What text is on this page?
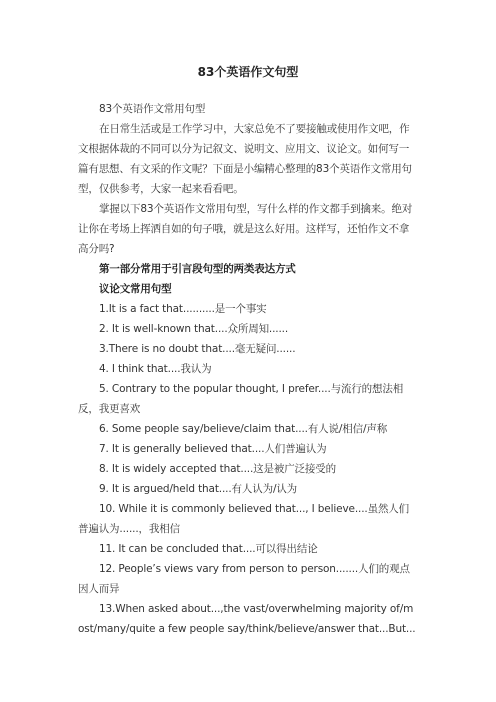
83个英语作文句型

83个英语作文常用句型

在日常生活或是工作学习中，大家总免不了要接触或使用作文吧，作文根据体裁的不同可以分为记叙文、说明文、应用文、议论文。如何写一篇有思想、有文采的作文呢？下面是小编精心整理的83个英语作文常用句型，仅供参考，大家一起来看看吧。

掌握以下83个英语作文常用句型，写什么样的作文都手到擒来。绝对让你在考场上挥洒自如的句子哦，就是这么好用。这样写，还怕作文不拿高分吗?

第一部分常用于引言段句型的两类表达方式

议论文常用句型

1.It is a fact that..........是一个事实

2. It is well-known that....众所周知......

3.There is no doubt that....毫无疑问......

4. I think that....我认为

5. Contrary to the popular thought, I prefer....与流行的想法相反，我更喜欢

6. Some people say/believe/claim that....有人说/相信/声称

7. It is generally believed that....人们普遍认为

8. It is widely accepted that....这是被广泛接受的

9. It is argued/held that....有人认为/认为

10. While it is commonly believed that..., I believe....虽然人们普遍认为......，我相信

11. It can be concluded that....可以得出结论

12. People’s views vary from person to person.......人们的观点因人而异

13.When asked about...,the vast/overwhelming majority of/most/many/quite a few people say/think/believe/answer that...But...
